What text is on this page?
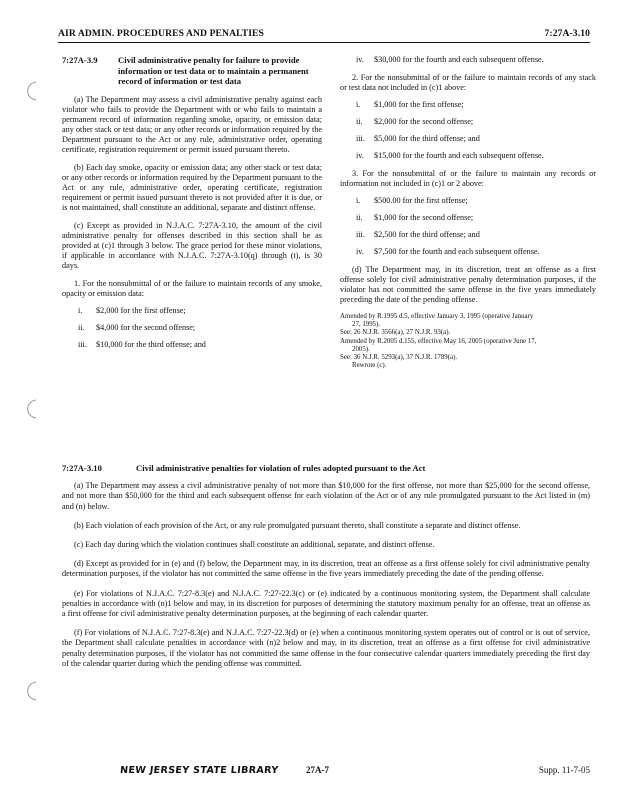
AIR ADMIN. PROCEDURES AND PENALTIES	7:27A-3.10
7:27A-3.9	Civil administrative penalty for failure to provide information or test data or to maintain a permanent record of information or test data

(a) The Department may assess a civil administrative penalty against each violator who fails to provide the Department with or who fails to maintain a permanent record of information regarding smoke, opacity, or emission data; any other stack or test data; or any other records or information required by the Department pursuant to the Act or any rule, administrative order, operating certificate, registration requirement or permit issued pursuant thereto.

(b) Each day smoke, opacity or emission data; any other stack or test data; or any other records or information required by the Department pursuant to the Act or any rule, administrative order, operating certificate, registration requirement or permit issued pursuant thereto is not provided after it is due, or is not maintained, shall constitute an additional, separate and distinct offense.

(c) Except as provided in N.J.A.C. 7:27A-3.10, the amount of the civil administrative penalty for offenses described in this section shall be as provided at (c)1 through 3 below. The grace period for these minor violations, if applicable in accordance with N.J.A.C. 7:27A-3.10(q) through (t), is 30 days.

1. For the nonsubmittal of or the failure to maintain records of any smoke, opacity or emission data:

i.	$2,000 for the first offense;
ii.	$4,000 for the second offense;
iii.	$10,000 for the third offense; and
iv.	$30,000 for the fourth and each subsequent offense.

2. For the nonsubmittal of or the failure to maintain records of any stack or test data not included in (c)1 above:

i.	$1,000 for the first offense;
ii.	$2,000 for the second offense;
iii.	$5,000 for the third offense; and
iv.	$15,000 for the fourth and each subsequent offense.

3. For the nonsubmittal of or the failure to maintain any records or information not included in (c)1 or 2 above:

i.	$500.00 for the first offense;
ii.	$1,000 for the second offense;
iii.	$2,500 for the third offense; and
iv.	$7,500 for the fourth and each subsequent offense.

(d) The Department may, in its discretion, treat an offense as a first offense solely for civil administrative penalty determination purposes, if the violator has not committed the same offense in the five years immediately preceding the date of the pending offense.

Amended by R.1995 d.5, effective January 3, 1995 (operative January
27, 1995).
See: 26 N.J.R. 3566(a), 27 N.J.R. 93(a).
Amended by R.2005 d.155, effective May 16, 2005 (operative June 17,
2005).
See: 36 N.J.R. 5293(a), 37 N.J.R. 1789(a).
Rewrote (c).
7:27A-3.10	Civil administrative penalties for violation of rules adopted pursuant to the Act

(a) The Department may assess a civil administrative penalty of not more than $10,000 for the first offense, not more than $25,000 for the second offense, and not more than $50,000 for the third and each subsequent offense for each violation of the Act or of any rule promulgated pursuant to the Act listed in (m) and (n) below.

(b) Each violation of each provision of the Act, or any rule promulgated pursuant thereto, shall constitute a separate and distinct offense.

(c) Each day during which the violation continues shall constitute an additional, separate, and distinct offense.

(d) Except as provided for in (e) and (f) below, the Department may, in its discretion, treat an offense as a first offense solely for civil administrative penalty determination purposes, if the violator has not committed the same offense in the five years immediately preceding the date of the pending offense.

(e) For violations of N.J.A.C. 7:27-8.3(e) and N.J.A.C. 7:27-22.3(c) or (e) indicated by a continuous monitoring system, the Department shall calculate penalties in accordance with (n)1 below and may, in its discretion for purposes of determining the statutory maximum penalty for an offense, treat an offense as a first offense for civil administrative penalty determination purposes, at the beginning of each calendar quarter.

(f) For violations of N.J.A.C. 7:27-8.3(e) and N.J.A.C. 7:27-22.3(d) or (e) when a continuous monitoring system operates out of control or is out of service, the Department shall calculate penalties in accordance with (n)2 below and may, in its discretion, treat an offense as a first offense for civil administrative penalty determination purposes, if the violator has not committed the same offense in the four consecutive calendar quarters immediately preceding the first day of the calendar quarter during which the pending offense was committed.

NEW JERSEY STATE LIBRARY	27A-7	Supp. 11-7-05
